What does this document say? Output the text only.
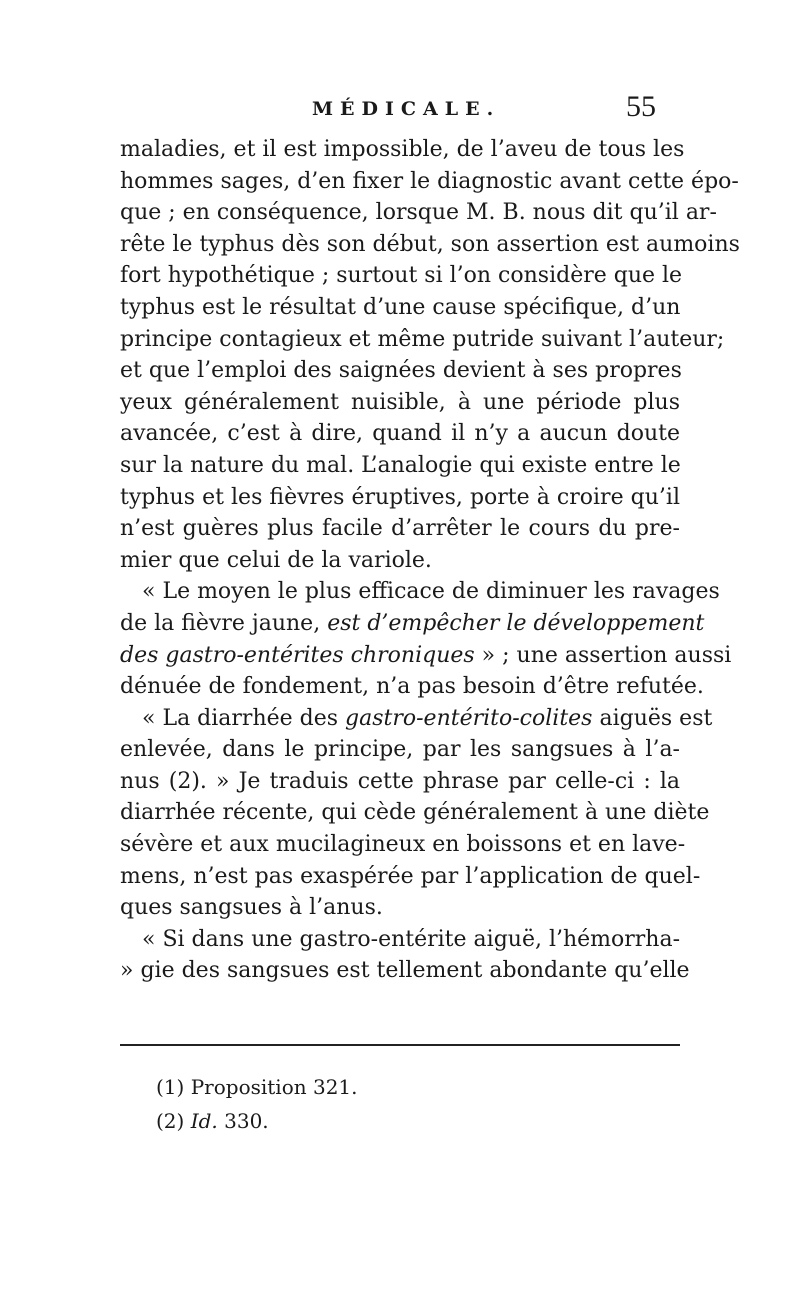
MÉDICALE.	55
maladies, et il est impossible, de l’aveu de tous les
hommes sages, d’en fixer le diagnostic avant cette épo-
que ; en conséquence, lorsque M. B. nous dit qu’il ar-
rête le typhus dès son début, son assertion est aumoins
fort hypothétique ; surtout si l’on considère que le
typhus est le résultat d’une cause spécifique, d’un
principe contagieux et même putride suivant l’auteur;
et que l’emploi des saignées devient à ses propres
yeux généralement nuisible, à une période plus
avancée, c’est à dire, quand il n’y a aucun doute
sur la nature du mal. L’analogie qui existe entre le
typhus et les fièvres éruptives, porte à croire qu’il
n’est guères plus facile d’arrêter le cours du pre-
mier que celui de la variole.
« Le moyen le plus efficace de diminuer les ravages
de la fièvre jaune, est d’empêcher le développement
des gastro-entérites chroniques » ; une assertion aussi
dénuée de fondement, n’a pas besoin d’être refutée.
« La diarrhée des gastro-entérito-colites aiguës est
enlevée, dans le principe, par les sangsues à l’a-
nus (2). » Je traduis cette phrase par celle-ci : la
diarrhée récente, qui cède généralement à une diète
sévère et aux mucilagineux en boissons et en lave-
mens, n’est pas exaspérée par l’application de quel-
ques sangsues à l’anus.
« Si dans une gastro-entérite aiguë, l’hémorrha-
» gie des sangsues est tellement abondante qu’elle
(1) Proposition 321.
(2) Id. 330.
